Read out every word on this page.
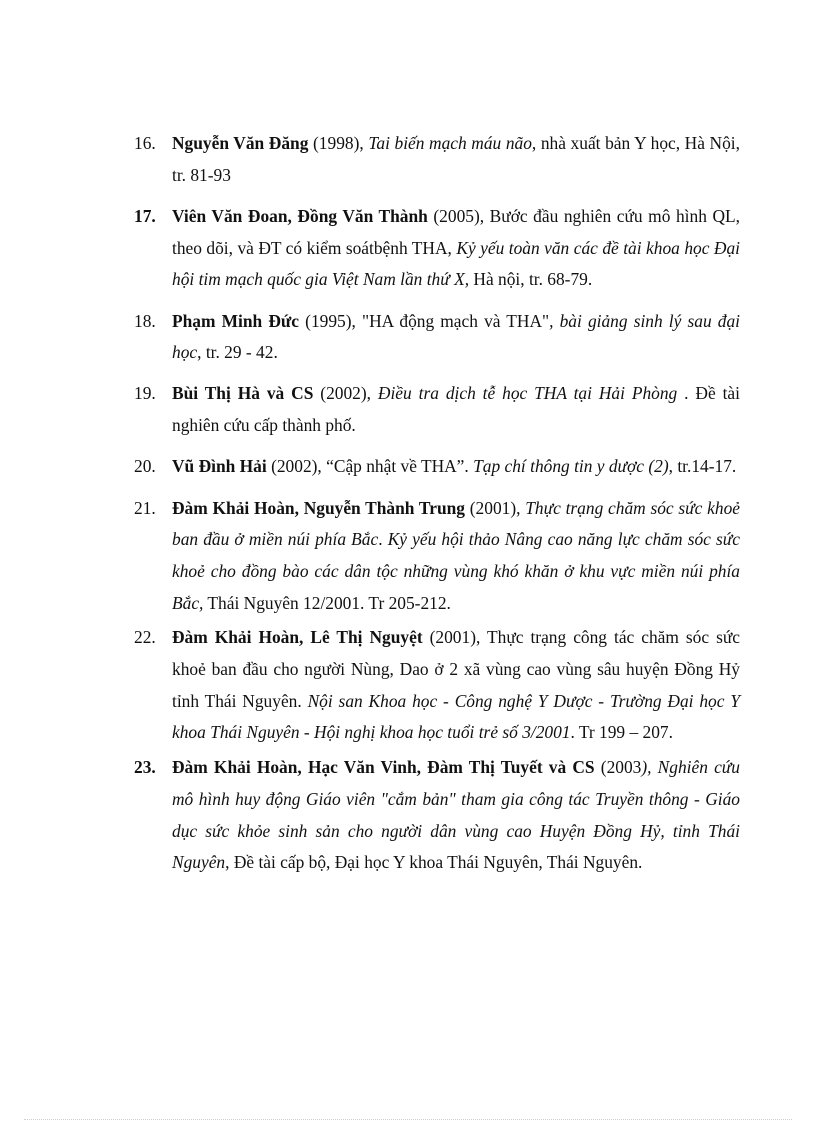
16. Nguyễn Văn Đăng (1998), Tai biến mạch máu não, nhà xuất bản Y học, Hà Nội, tr. 81-93
17. Viên Văn Đoan, Đồng Văn Thành (2005), Bước đầu nghiên cứu mô hình QL, theo dõi, và ĐT có kiểm soátbệnh THA, Kỷ yếu toàn văn các đề tài khoa học Đại hội tim mạch quốc gia Việt Nam lần thứ X, Hà nội, tr. 68-79.
18. Phạm Minh Đức (1995), "HA động mạch và THA", bài giảng sinh lý sau đại học, tr. 29 - 42.
19. Bùi Thị Hà và CS (2002), Điều tra dịch tễ học THA tại Hải Phòng . Đề tài nghiên cứu cấp thành phố.
20. Vũ Đình Hải (2002), “Cập nhật về THA”. Tạp chí thông tin y dược (2), tr.14-17.
21. Đàm Khải Hoàn, Nguyễn Thành Trung (2001), Thực trạng chăm sóc sức khoẻ ban đầu ở miền núi phía Bắc. Kỷ yếu hội thảo Nâng cao năng lực chăm sóc sức khoẻ cho đồng bào các dân tộc những vùng khó khăn ở khu vực miền núi phía Bắc, Thái Nguyên 12/2001. Tr 205-212.
22. Đàm Khải Hoàn, Lê Thị Nguyệt (2001), Thực trạng công tác chăm sóc sức khoẻ ban đầu cho người Nùng, Dao ở 2 xã vùng cao vùng sâu huyện Đồng Hỷ tỉnh Thái Nguyên. Nội san Khoa học - Công nghệ Y Dược - Trường Đại học Y khoa Thái Nguyên - Hội nghị khoa học tuổi trẻ số 3/2001. Tr 199 – 207.
23. Đàm Khải Hoàn, Hạc Văn Vinh, Đàm Thị Tuyết và CS (2003), Nghiên cứu mô hình huy động Giáo viên "cắm bản" tham gia công tác Truyền thông - Giáo dục sức khỏe sinh sản cho người dân vùng cao Huyện Đồng Hỷ, tỉnh Thái Nguyên, Đề tài cấp bộ, Đại học Y khoa Thái Nguyên, Thái Nguyên.
